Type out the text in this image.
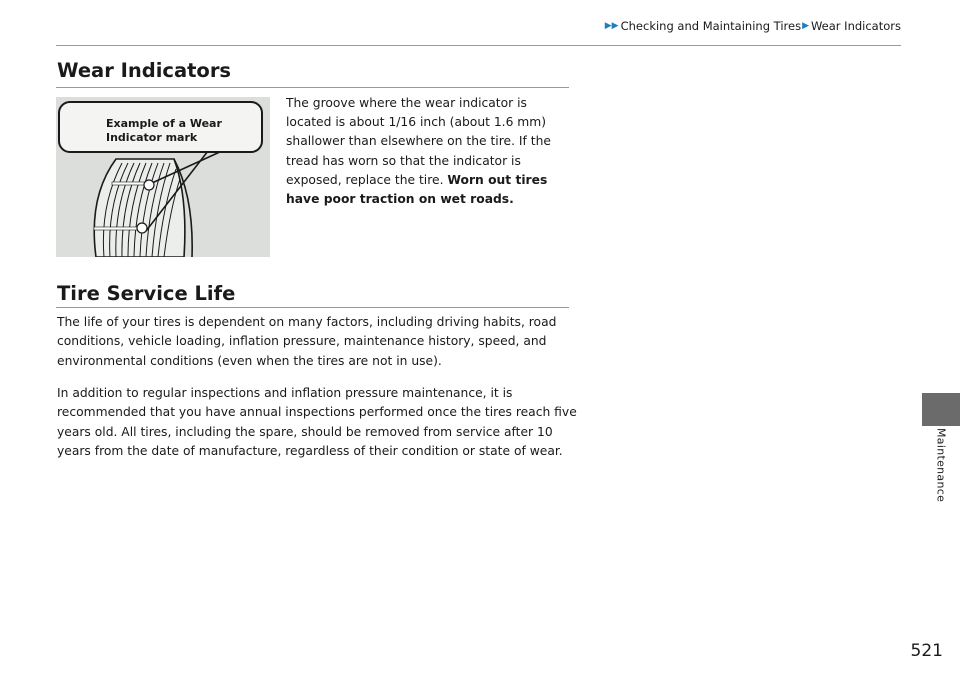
▶▶ Checking and Maintaining Tires ▶ Wear Indicators
Wear Indicators
Example of a Wear Indicator mark
The groove where the wear indicator is located is about 1/16 inch (about 1.6 mm) shallower than elsewhere on the tire. If the tread has worn so that the indicator is exposed, replace the tire. Worn out tires have poor traction on wet roads.
Tire Service Life

The life of your tires is dependent on many factors, including driving habits, road conditions, vehicle loading, inflation pressure, maintenance history, speed, and environmental conditions (even when the tires are not in use).

In addition to regular inspections and inflation pressure maintenance, it is recommended that you have annual inspections performed once the tires reach five years old. All tires, including the spare, should be removed from service after 10 years from the date of manufacture, regardless of their condition or state of wear.	Maintenance
521
